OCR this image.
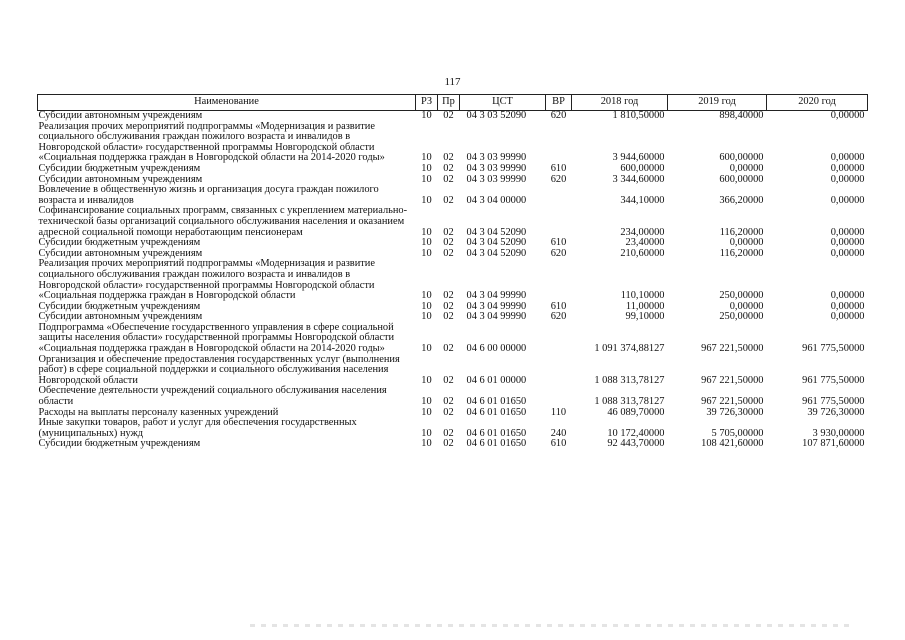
117
Наименование	РЗ	Пр	ЦСТ	ВР	2018 год	2019 год	2020 год
Субсидии автономным учреждениям	10	02	04 3 03 52090	620	1 810,50000	898,40000	0,00000
Реализация прочих мероприятий подпрограммы «Модернизация и развитие социального обслуживания граждан пожилого возраста и инвалидов в Новгородской области» государственной программы Новгородской области «Социальная поддержка граждан в Новгородской области на 2014-2020 годы»	10	02	04 3 03 99990		3 944,60000	600,00000	0,00000
Субсидии бюджетным учреждениям	10	02	04 3 03 99990	610	600,00000	0,00000	0,00000
Субсидии автономным учреждениям	10	02	04 3 03 99990	620	3 344,60000	600,00000	0,00000
Вовлечение в общественную жизнь и организация досуга граждан пожилого возраста и инвалидов	10	02	04 3 04 00000		344,10000	366,20000	0,00000
Софинансирование социальных программ, связанных с укреплением материально-технической базы организаций социального обслуживания населения и оказанием адресной социальной помощи неработающим пенсионерам	10	02	04 3 04 52090		234,00000	116,20000	0,00000
Субсидии бюджетным учреждениям	10	02	04 3 04 52090	610	23,40000	0,00000	0,00000
Субсидии автономным учреждениям	10	02	04 3 04 52090	620	210,60000	116,20000	0,00000
Реализация прочих мероприятий подпрограммы «Модернизация и развитие социального обслуживания граждан пожилого возраста и инвалидов в Новгородской области» государственной программы Новгородской области «Социальная поддержка граждан в Новгородской области	10	02	04 3 04 99990		110,10000	250,00000	0,00000
Субсидии бюджетным учреждениям	10	02	04 3 04 99990	610	11,00000	0,00000	0,00000
Субсидии автономным учреждениям	10	02	04 3 04 99990	620	99,10000	250,00000	0,00000
Подпрограмма «Обеспечение государственного управления в сфере социальной защиты населения области» государственной программы Новгородской области «Социальная поддержка граждан в Новгородской области на 2014-2020 годы»	10	02	04 6 00 00000		1 091 374,88127	967 221,50000	961 775,50000
Организация и обеспечение предоставления государственных услуг (выполнения работ) в сфере социальной поддержки и социального обслуживания населения Новгородской области	10	02	04 6 01 00000		1 088 313,78127	967 221,50000	961 775,50000
Обеспечение деятельности учреждений социального обслуживания населения области	10	02	04 6 01 01650		1 088 313,78127	967 221,50000	961 775,50000
Расходы на выплаты персоналу казенных учреждений	10	02	04 6 01 01650	110	46 089,70000	39 726,30000	39 726,30000
Иные закупки товаров, работ и услуг для обеспечения государственных (муниципальных) нужд	10	02	04 6 01 01650	240	10 172,40000	5 705,00000	3 930,00000
Субсидии бюджетным учреждениям	10	02	04 6 01 01650	610	92 443,70000	108 421,60000	107 871,60000
